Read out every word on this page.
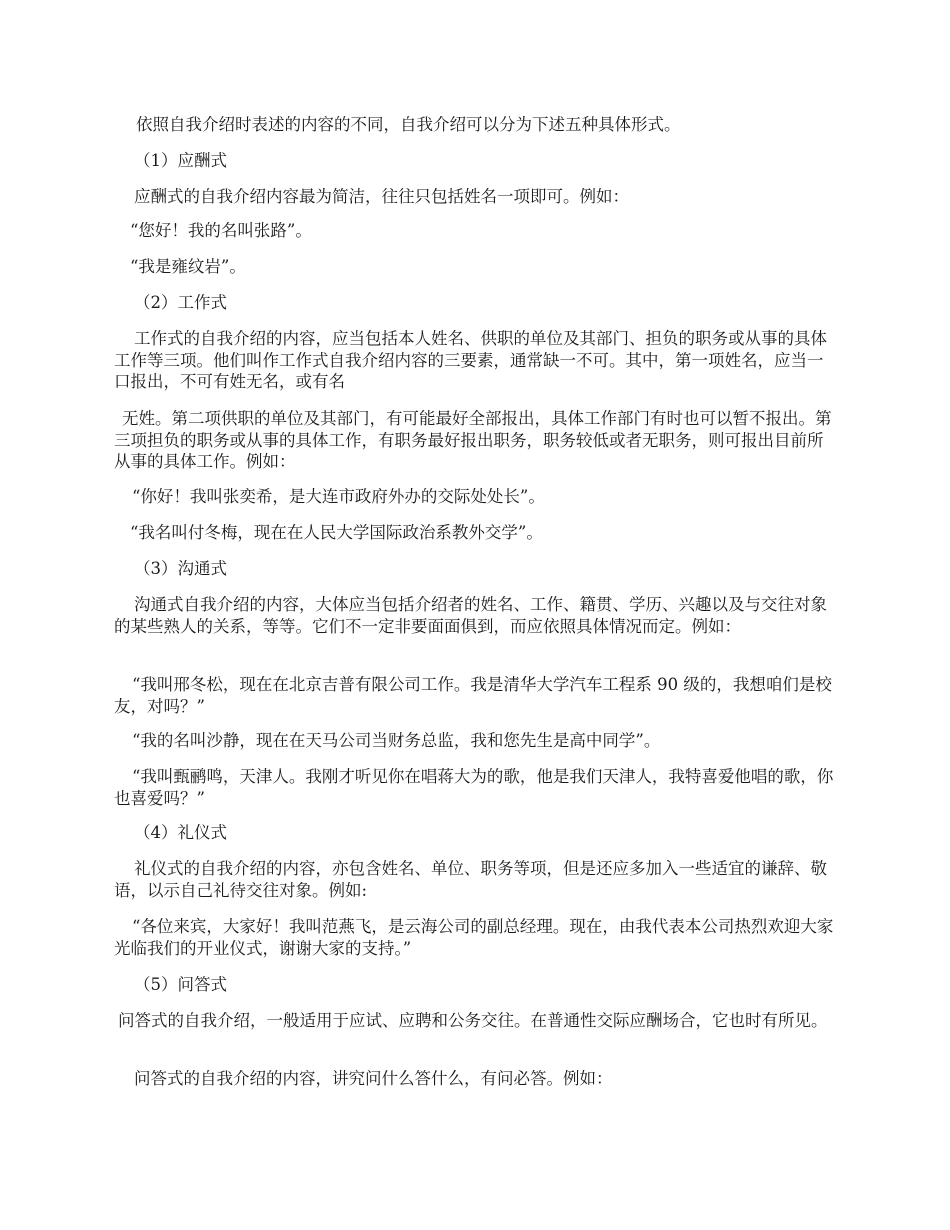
依照自我介绍时表述的内容的不同，自我介绍可以分为下述五种具体形式。

（1）应酬式

应酬式的自我介绍内容最为简洁，往往只包括姓名一项即可。例如：

“您好！我的名叫张路”。

“我是雍纹岩”。

（2）工作式

工作式的自我介绍的内容，应当包括本人姓名、供职的单位及其部门、担负的职务或从事的具体工作等三项。他们叫作工作式自我介绍内容的三要素，通常缺一不可。其中，第一项姓名，应当一口报出，不可有姓无名，或有名

无姓。第二项供职的单位及其部门，有可能最好全部报出，具体工作部门有时也可以暂不报出。第三项担负的职务或从事的具体工作，有职务最好报出职务，职务较低或者无职务，则可报出目前所从事的具体工作。例如：

“你好！我叫张奕希，是大连市政府外办的交际处处长”。

“我名叫付冬梅，现在在人民大学国际政治系教外交学”。

（3）沟通式

沟通式自我介绍的内容，大体应当包括介绍者的姓名、工作、籍贯、学历、兴趣以及与交往对象的某些熟人的关系，等等。它们不一定非要面面俱到，而应依照具体情况而定。例如：

“我叫邢冬松，现在在北京吉普有限公司工作。我是清华大学汽车工程系 90 级的，我想咱们是校友，对吗？”

“我的名叫沙静，现在在天马公司当财务总监，我和您先生是高中同学”。

“我叫甄鹂鸣，天津人。我刚才听见你在唱蒋大为的歌，他是我们天津人，我特喜爱他唱的歌，你也喜爱吗？”

（4）礼仪式

礼仪式的自我介绍的内容，亦包含姓名、单位、职务等项，但是还应多加入一些适宜的谦辞、敬语，以示自己礼待交往对象。例如:

“各位来宾，大家好！我叫范燕飞，是云海公司的副总经理。现在，由我代表本公司热烈欢迎大家光临我们的开业仪式，谢谢大家的支持。”

（5）问答式

问答式的自我介绍，一般适用于应试、应聘和公务交往。在普通性交际应酬场合，它也时有所见。

问答式的自我介绍的内容，讲究问什么答什么，有问必答。例如：
